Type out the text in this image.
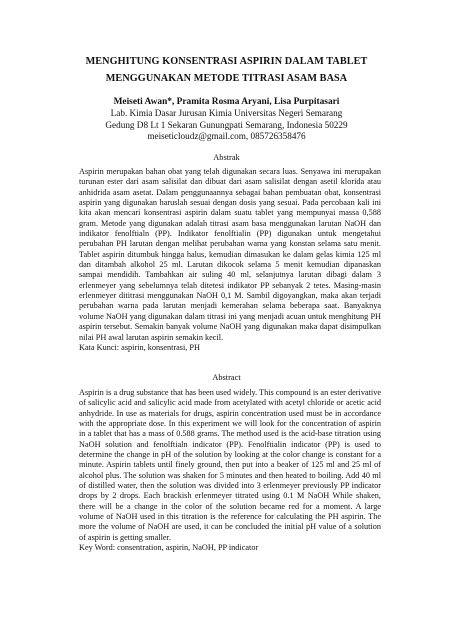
MENGHITUNG KONSENTRASI ASPIRIN DALAM TABLET
MENGGUNAKAN METODE TITRASI ASAM BASA
Meiseti Awan*, Pramita Rosma Aryani, Lisa Purpitasari
Lab. Kimia Dasar Jurusan Kimia Universitas Negeri Semarang
Gedung D8 Lt 1 Sekaran Gunungpati Semarang, Indonesia 50229
meiseticloudz@gmail.com, 085726358476
Abstrak
Aspirin merupakan bahan obat yang telah digunakan secara luas. Senyawa ini merupakan turunan ester dari asam salisilat dan dibuat dari asam salisilat dengan asetil klorida atau anhidrida asam asetat. Dalam penggunaannya sebagai bahan pembuatan obat, konsentrasi aspirin yang digunakan haruslah sesuai dengan dosis yang sesuai. Pada percobaan kali ini kita akan mencari konsentrasi aspirin dalam suatu tablet yang mempunyai massa 0,588 gram. Metode yang digunakan adalah titrasi asam basa menggunakan larutan NaOH dan indikator fenolftialn (PP). Indikator fenolftialin (PP) digunakan untuk mengetahui perubahan PH larutan dengan melihat perubahan warna yang konstan selama satu menit. Tablet aspirin ditumbuk hingga halus, kemudian dimasukan ke dalam gelas kimia 125 ml dan ditambah alkohol 25 ml. Larutan dikocok selama 5 menit kemudian dipanaskan sampai mendidih. Tambahkan air suling 40 ml, selanjutnya larutan dibagi dalam 3 erlenmeyer yang sebelumnya telah ditetesi indikator PP sebanyak 2 tetes. Masing-masin erlenmeyer dititrasi menggunakan NaOH 0,1 M. Sambil digoyangkan, maka akan terjadi perubahan warna pada larutan menjadi kemerahan selama beberapa saat. Banyaknya volume NaOH yang digunakan dalam titrasi ini yang menjadi acuan untuk menghitung PH aspirin tersebut. Semakin banyak volume NaOH yang digunakan maka dapat disimpulkan nilai PH awal larutan aspirin semakin kecil.
Kata Kunci: aspirin, konsentrasi, PH
Abstract
Aspirin is a drug substance that has been used widely. This compound is an ester derivative of salicylic acid and salicylic acid made from acetylated with acetyl chloride or acetic acid anhydride. In use as materials for drugs, aspirin concentration used must be in accordance with the appropriate dose. In this experiment we will look for the concentration of aspirin in a tablet that has a mass of 0.588 grams. The method used is the acid-base titration using NaOH solution and fenolftialn indicator (PP). Fenolftialin indicator (PP) is used to determine the change in pH of the solution by looking at the color change is constant for a minute. Aspirin tablets until finely ground, then put into a beaker of 125 ml and 25 ml of alcohol plus. The solution was shaken for 5 minutes and then heated to boiling. Add 40 ml of distilled water, then the solution was divided into 3 erlenmeyer previously PP indicator drops by 2 drops. Each brackish erlenmeyer titrated using 0.1 M NaOH While shaken, there will be a change in the color of the solution became red for a moment. A large volume of NaOH used in this titration is the reference for calculating the PH aspirin. The more the volume of NaOH are used, it can be concluded the initial pH value of a solution of aspirin is getting smaller.
Key Word: consentration, aspirin, NaOH, PP indicator
